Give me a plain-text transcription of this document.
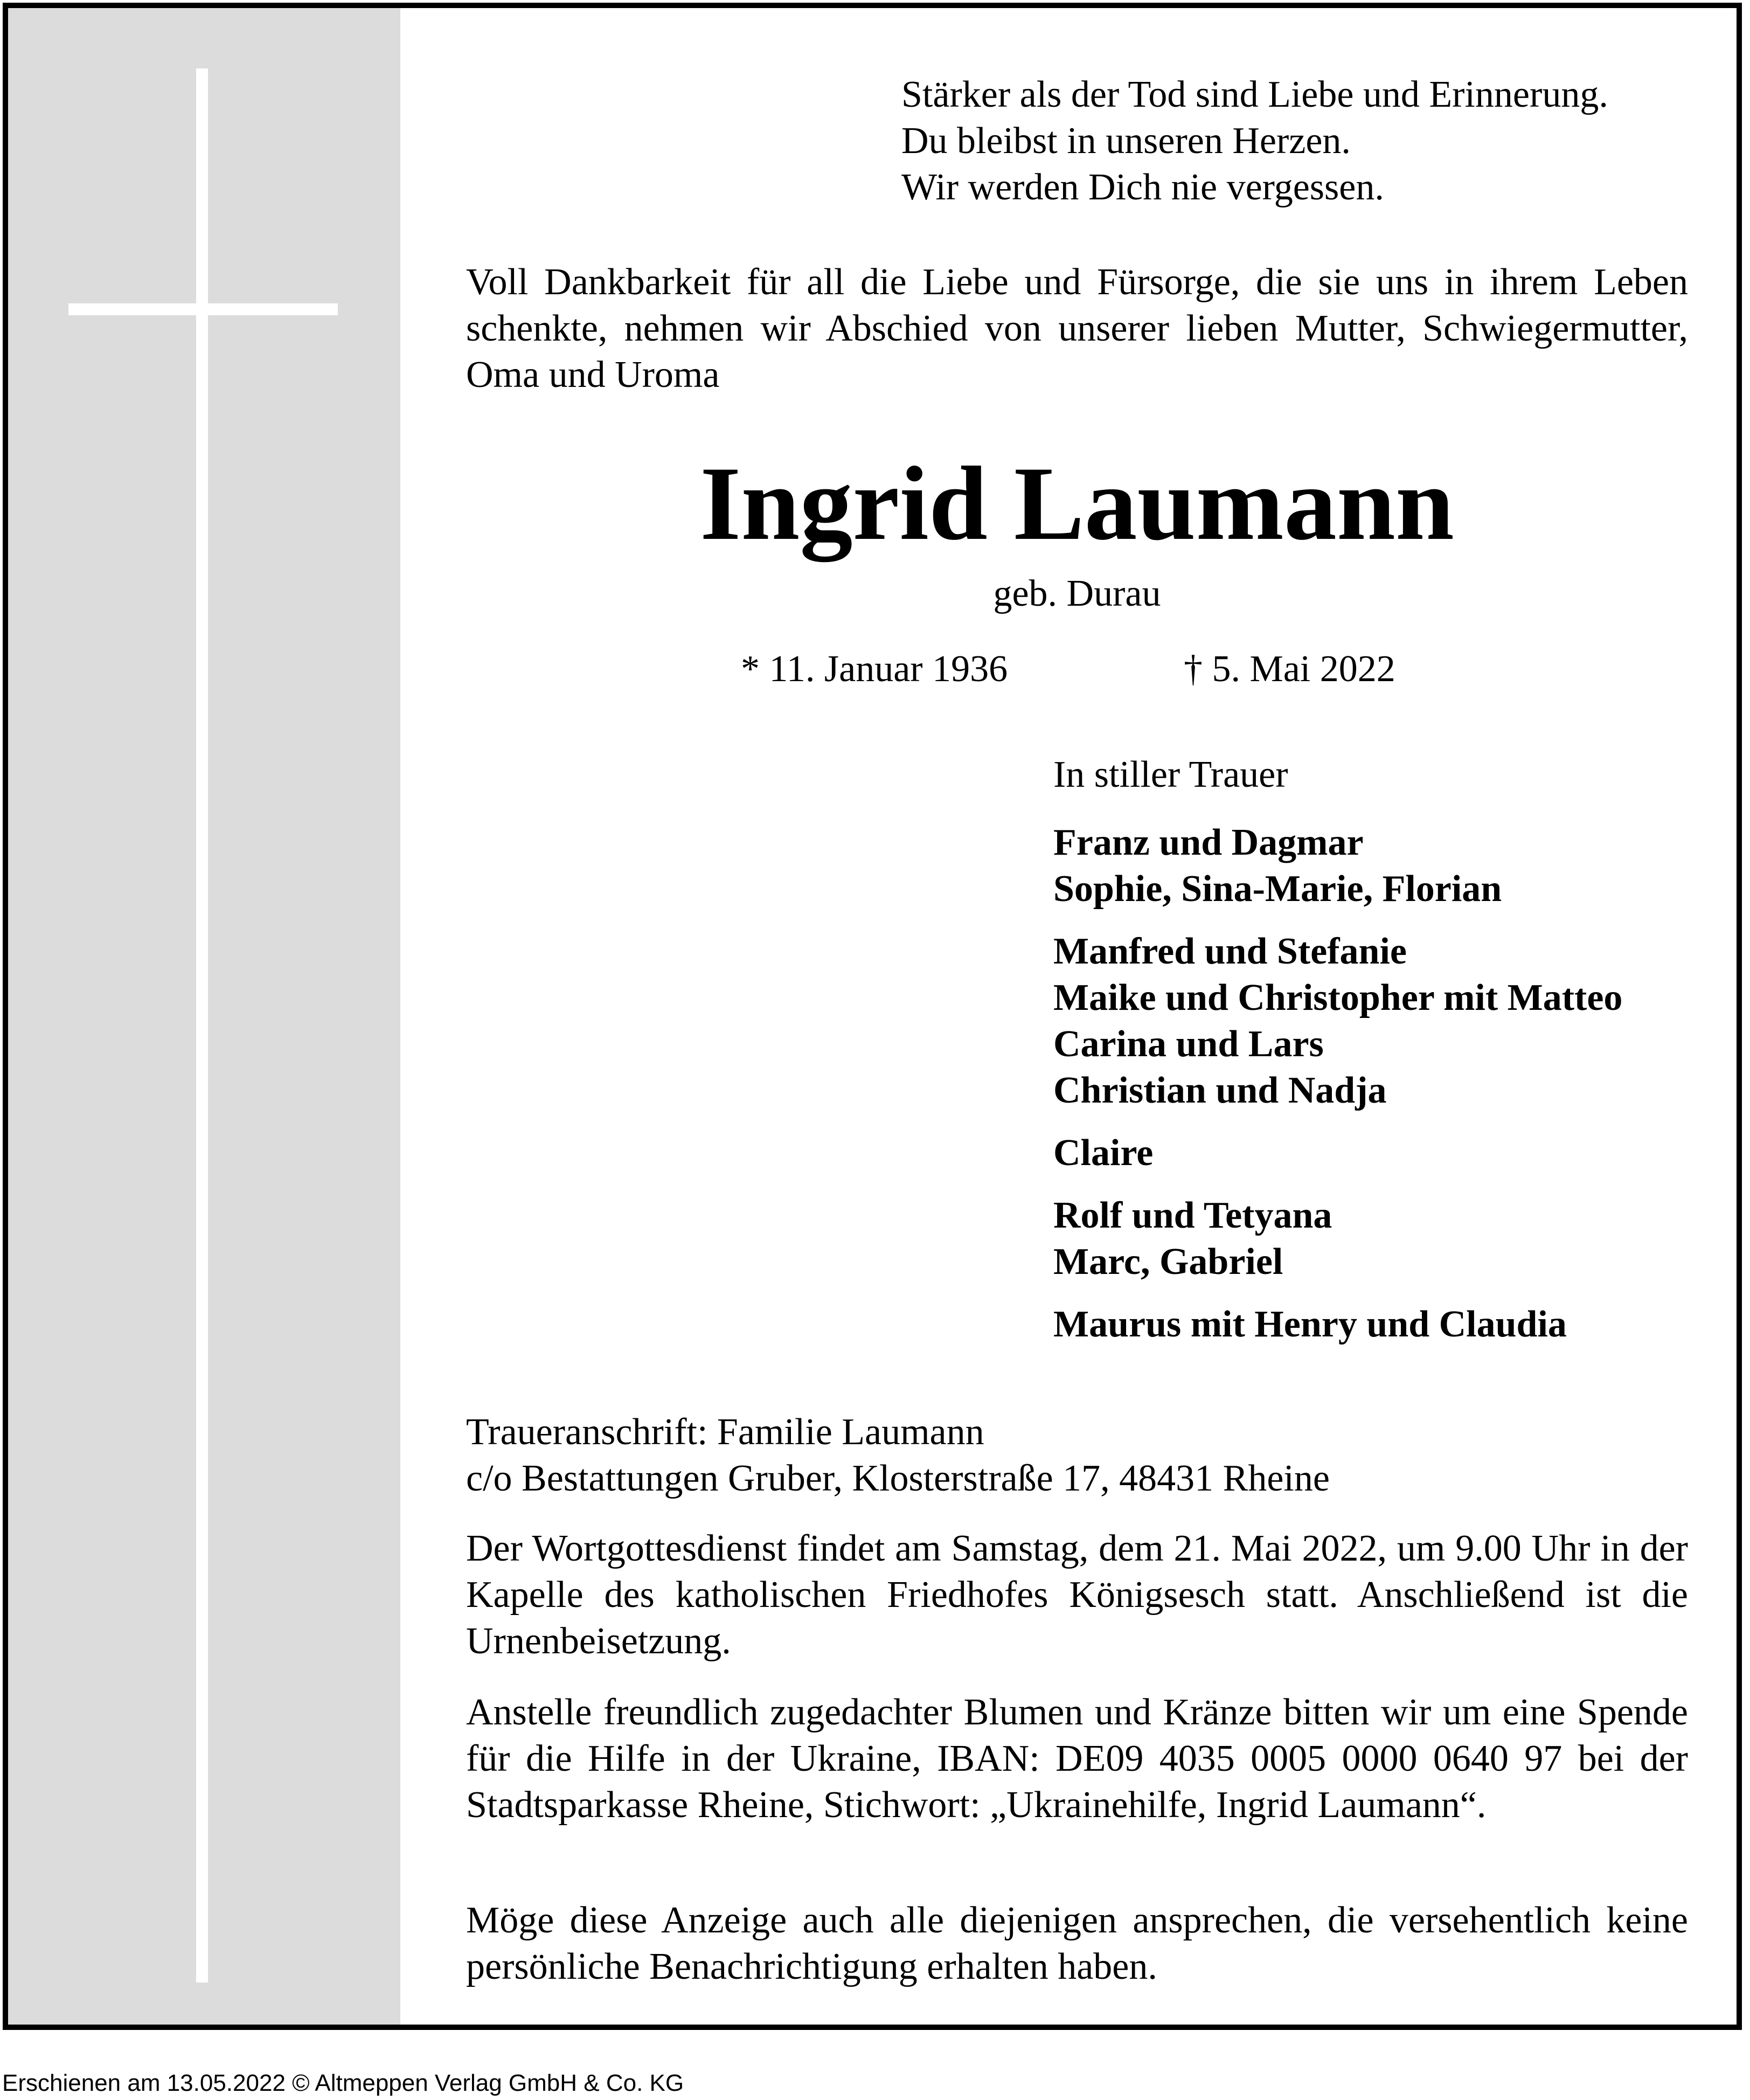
Stärker als der Tod sind Liebe und Erinnerung.
Du bleibst in unseren Herzen.
Wir werden Dich nie vergessen.
Voll Dankbarkeit für all die Liebe und Fürsorge, die sie uns in ihrem Leben schenkte, nehmen wir Abschied von unserer lieben Mutter, Schwiegermutter, Oma und Uroma
Ingrid Laumann
geb. Durau
* 11. Januar 1936	† 5. Mai 2022
In stiller Trauer
Franz und Dagmar
Sophie, Sina-Marie, Florian
Manfred und Stefanie
Maike und Christopher mit Matteo
Carina und Lars
Christian und Nadja
Claire
Rolf und Tetyana
Marc, Gabriel
Maurus mit Henry und Claudia
Traueranschrift: Familie Laumann
c/o Bestattungen Gruber, Klosterstraße 17, 48431 Rheine
Der Wortgottesdienst findet am Samstag, dem 21. Mai 2022, um 9.00 Uhr in der Kapelle des katholischen Friedhofes Königsesch statt. Anschließend ist die Urnenbeisetzung.
Anstelle freundlich zugedachter Blumen und Kränze bitten wir um eine Spende für die Hilfe in der Ukraine, IBAN: DE09 4035 0005 0000 0640 97 bei der Stadtsparkasse Rheine, Stichwort: „Ukrainehilfe, Ingrid Laumann“.
Möge diese Anzeige auch alle diejenigen ansprechen, die versehentlich keine persönliche Benachrichtigung erhalten haben.
Erschienen am 13.05.2022 © Altmeppen Verlag GmbH & Co. KG
